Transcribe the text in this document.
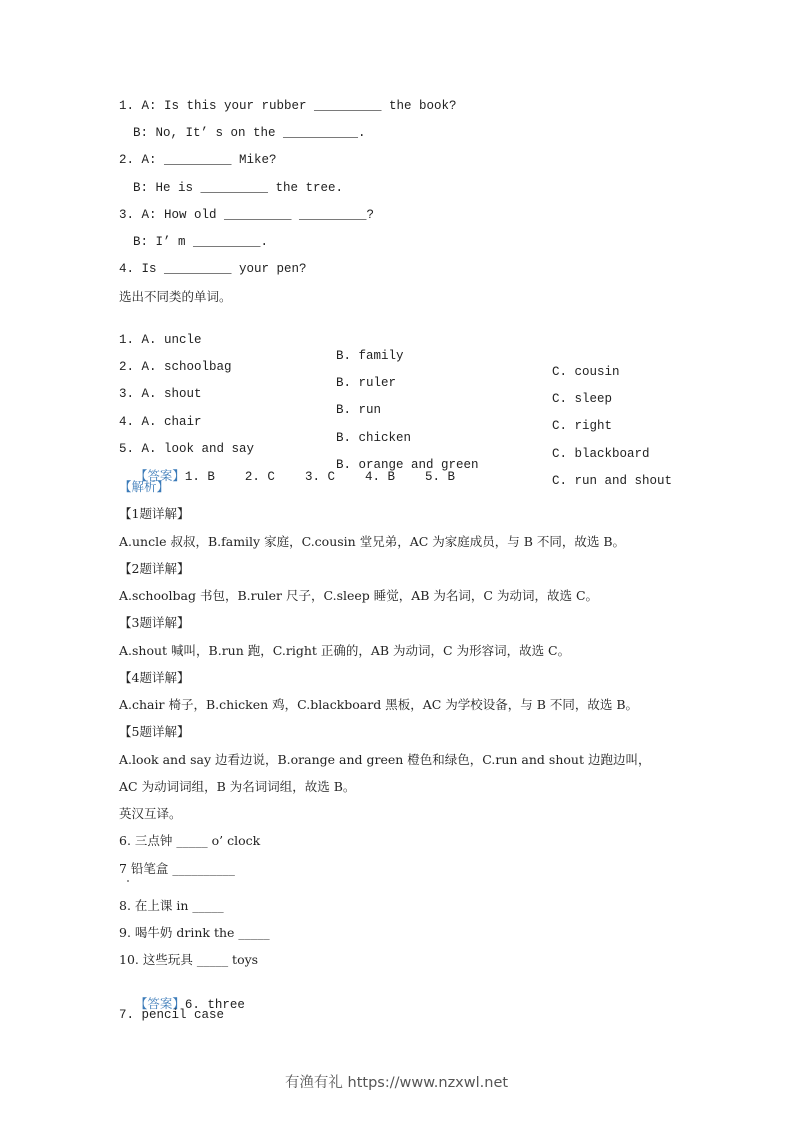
1. A: Is this your rubber _________ the book?
B: No, It’ s on the __________.
2. A: _________ Mike?
B: He is _________ the tree.
3. A: How old _________ _________?
B: I’ m _________.
4. Is _________ your pen?
选出不同类的单词。

1. A. uncle

B. family

C. cousin

2. A. schoolbag

B. ruler

C. sleep

3. A. shout

B. run

C. right

4. A. chair

B. chicken

C. blackboard

5. A. look and say

B. orange and green

C. run and shout

【答案】1. B    2. C    3. C    4. B    5. B

【解析】
【1题详解】
A.uncle 叔叔，B.family 家庭，C.cousin 堂兄弟，AC 为家庭成员，与 B 不同，故选 B。
【2题详解】
A.schoolbag 书包，B.ruler 尺子，C.sleep 睡觉，AB 为名词，C 为动词，故选 C。
【3题详解】
A.shout 喊叫，B.run 跑，C.right 正确的，AB 为动词，C 为形容词，故选 C。
【4题详解】
A.chair 椅子，B.chicken 鸡，C.blackboard 黑板，AC 为学校设备，与 B 不同，故选 B。
【5题详解】
A.look and say 边看边说，B.orange and green 橙色和绿色，C.run and shout 边跑边叫，
AC 为动词词组，B 为名词词组，故选 B。
英汉互译。
6. 三点钟 _____ o’ clock
7 铅笔盒 __________
8. 在上课 in _____
9. 喝牛奶 drink the _____
10. 这些玩具 _____ toys

【答案】6. three

7. pencil case
有渔有礼 https://www.nzxwl.net
